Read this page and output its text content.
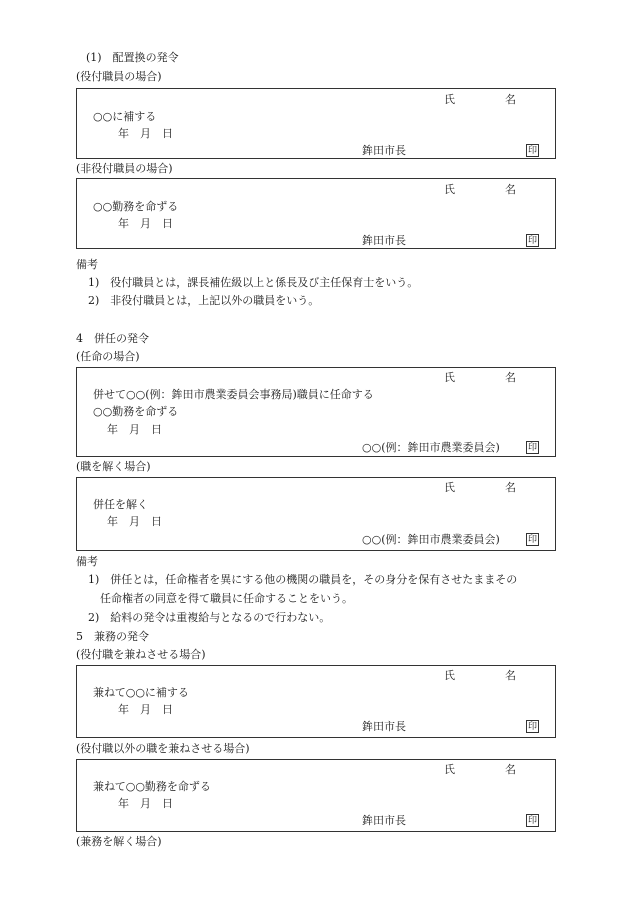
(1)　配置換の発令
(役付職員の場合)
氏	名
○○に補する
年　月　日
鉾田市長	印
(非役付職員の場合)
氏	名
○○勤務を命ずる
年　月　日
鉾田市長	印
備考
1)　役付職員とは，課長補佐級以上と係長及び主任保育士をいう。
2)　非役付職員とは，上記以外の職員をいう。
4　併任の発令
(任命の場合)
氏	名
併せて○○(例：鉾田市農業委員会事務局)職員に任命する
○○勤務を命ずる
年　月　日
○○(例：鉾田市農業委員会)	印
(職を解く場合)
氏	名
併任を解く
年　月　日
○○(例：鉾田市農業委員会)	印
備考
1)　併任とは，任命権者を異にする他の機関の職員を，その身分を保有させたままその
任命権者の同意を得て職員に任命することをいう。
2)　給料の発令は重複給与となるので行わない。
5　兼務の発令
(役付職を兼ねさせる場合)
氏	名
兼ねて○○に補する
年　月　日
鉾田市長	印
(役付職以外の職を兼ねさせる場合)
氏	名
兼ねて○○勤務を命ずる
年　月　日
鉾田市長	印
(兼務を解く場合)
